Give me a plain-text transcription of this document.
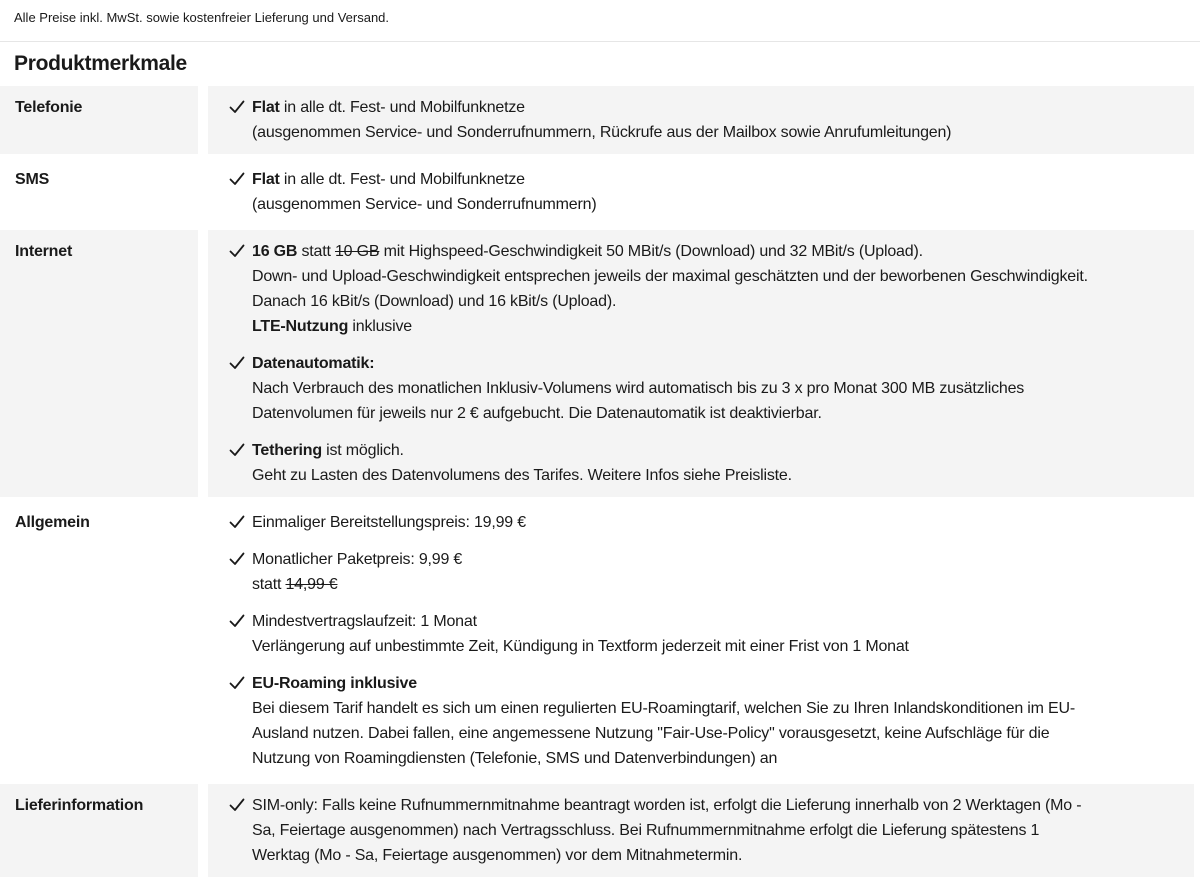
Alle Preise inkl. MwSt. sowie kostenfreier Lieferung und Versand.
Produktmerkmale
Telefonie	Flat in alle dt. Fest- und Mobilfunknetze
(ausgenommen Service- und Sonderrufnummern, Rückrufe aus der Mailbox sowie Anrufumleitungen)
SMS	Flat in alle dt. Fest- und Mobilfunknetze
(ausgenommen Service- und Sonderrufnummern)
Internet	16 GB statt 10 GB mit Highspeed-Geschwindigkeit 50 MBit/s (Download) und 32 MBit/s (Upload).
Down- und Upload-Geschwindigkeit entsprechen jeweils der maximal geschätzten und der beworbenen Geschwindigkeit.
Danach 16 kBit/s (Download) und 16 kBit/s (Upload).
LTE-Nutzung inklusive
Datenautomatik:
Nach Verbrauch des monatlichen Inklusiv-Volumens wird automatisch bis zu 3 x pro Monat 300 MB zusätzliches
Datenvolumen für jeweils nur 2 € aufgebucht. Die Datenautomatik ist deaktivierbar.
Tethering ist möglich.
Geht zu Lasten des Datenvolumens des Tarifes. Weitere Infos siehe Preisliste.
Allgemein	Einmaliger Bereitstellungspreis: 19,99 €
Monatlicher Paketpreis: 9,99 €
statt 14,99 €
Mindestvertragslaufzeit: 1 Monat
Verlängerung auf unbestimmte Zeit, Kündigung in Textform jederzeit mit einer Frist von 1 Monat
EU-Roaming inklusive
Bei diesem Tarif handelt es sich um einen regulierten EU-Roamingtarif, welchen Sie zu Ihren Inlandskonditionen im EU-
Ausland nutzen. Dabei fallen, eine angemessene Nutzung "Fair-Use-Policy" vorausgesetzt, keine Aufschläge für die
Nutzung von Roamingdiensten (Telefonie, SMS und Datenverbindungen) an
Lieferinformation	SIM-only: Falls keine Rufnummernmitnahme beantragt worden ist, erfolgt die Lieferung innerhalb von 2 Werktagen (Mo -
Sa, Feiertage ausgenommen) nach Vertragsschluss. Bei Rufnummernmitnahme erfolgt die Lieferung spätestens 1
Werktag (Mo - Sa, Feiertage ausgenommen) vor dem Mitnahmetermin.
